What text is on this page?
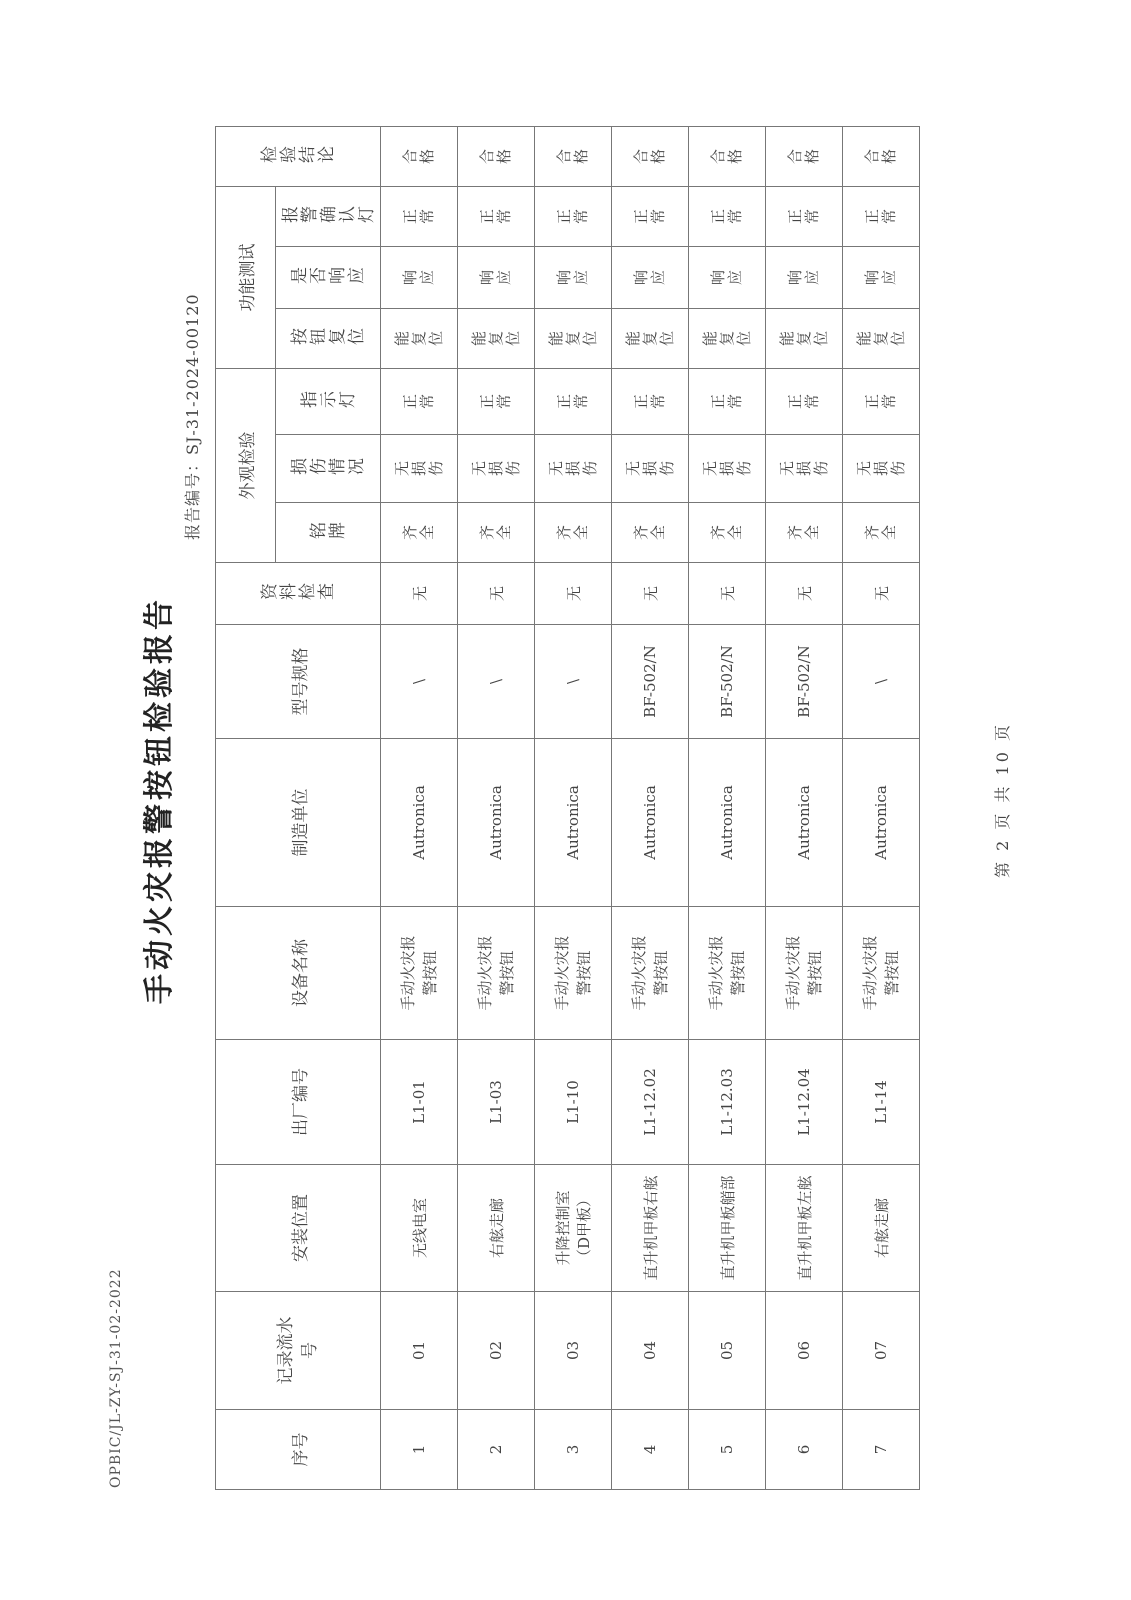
OPBIC/JL-ZY-SJ-31-02-2022
手动火灾报警按钮检验报告
报告编号：SJ-31-2024-00120
序号	记录流水号	安装位置	出厂编号	设备名称	制造单位	型号规格	资料检查	外观检验			功能测试			检验结论

								铭牌	损伤情况	指示灯	按钮复位	是否响应	报警确认灯	

1	01	无线电室	L1-01	手动火灾报警按钮	Autronica	\	无	齐全	无损伤	正常	能复位	响应	正常	合格

2	02	右舷走廊	L1-03	手动火灾报警按钮	Autronica	\	无	齐全	无损伤	正常	能复位	响应	正常	合格

3	03	升降控制室（D甲板）	L1-10	手动火灾报警按钮	Autronica	\	无	齐全	无损伤	正常	能复位	响应	正常	合格

4	04	直升机甲板右舷	L1-12.02	手动火灾报警按钮	Autronica	BF-502/N	无	齐全	无损伤	正常	能复位	响应	正常	合格

5	05	直升机甲板艏部	L1-12.03	手动火灾报警按钮	Autronica	BF-502/N	无	齐全	无损伤	正常	能复位	响应	正常	合格

6	06	直升机甲板左舷	L1-12.04	手动火灾报警按钮	Autronica	BF-502/N	无	齐全	无损伤	正常	能复位	响应	正常	合格

7	07	右舷走廊	L1-14	手动火灾报警按钮	Autronica	\	无	齐全	无损伤	正常	能复位	响应	正常	合格
第 2 页 共 10 页
